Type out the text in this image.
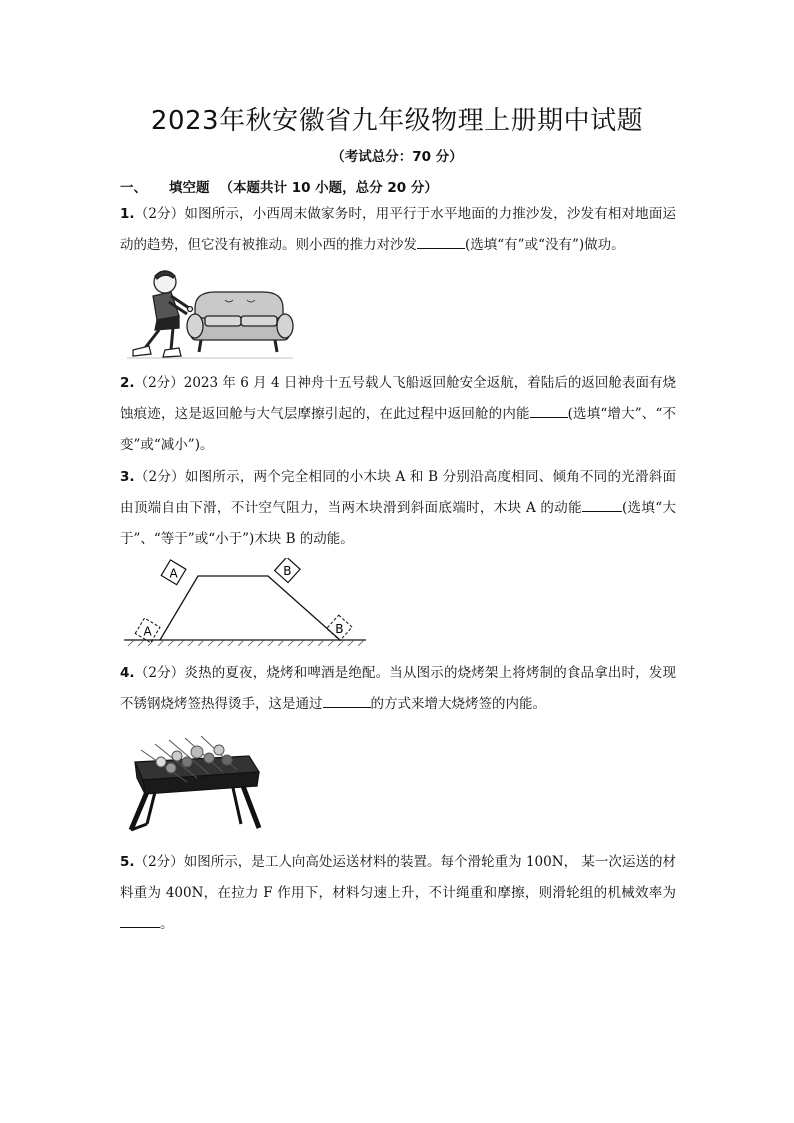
2023年秋安徽省九年级物理上册期中试题
（考试总分：70 分）
一、 填空题 （本题共计 10 小题，总分 20 分）
1.（2分）如图所示，小西周末做家务时，用平行于水平地面的力推沙发，沙发有相对地面运动的趋势，但它没有被推动。则小西的推力对沙发	(选填“有”或“没有”)做功。
2.（2分）2023 年 6 月 4 日神舟十五号载人飞船返回舱安全返航，着陆后的返回舱表面有烧蚀痕迹，这是返回舱与大气层摩擦引起的，在此过程中返回舱的内能	(选填“增大”、“不变”或“减小”)。
3.（2分）如图所示，两个完全相同的小木块 A 和 B 分别沿高度相同、倾角不同的光滑斜面由顶端自由下滑，不计空气阻力，当两木块滑到斜面底端时，木块 A 的动能	(选填“大于”、“等于”或“小于”)木块 B 的动能。
A	B
A	B
4.（2分）炎热的夏夜，烧烤和啤酒是绝配。当从图示的烧烤架上将烤制的食品拿出时，发现不锈钢烧烤签热得烫手，这是通过	的方式来增大烧烤签的内能。
5.（2分）如图所示，是工人向高处运送材料的装置。每个滑轮重为 100N， 某一次运送的材料重为 400N，在拉力 F 作用下，材料匀速上升，不计绳重和摩擦，则滑轮组的机械效率为。
